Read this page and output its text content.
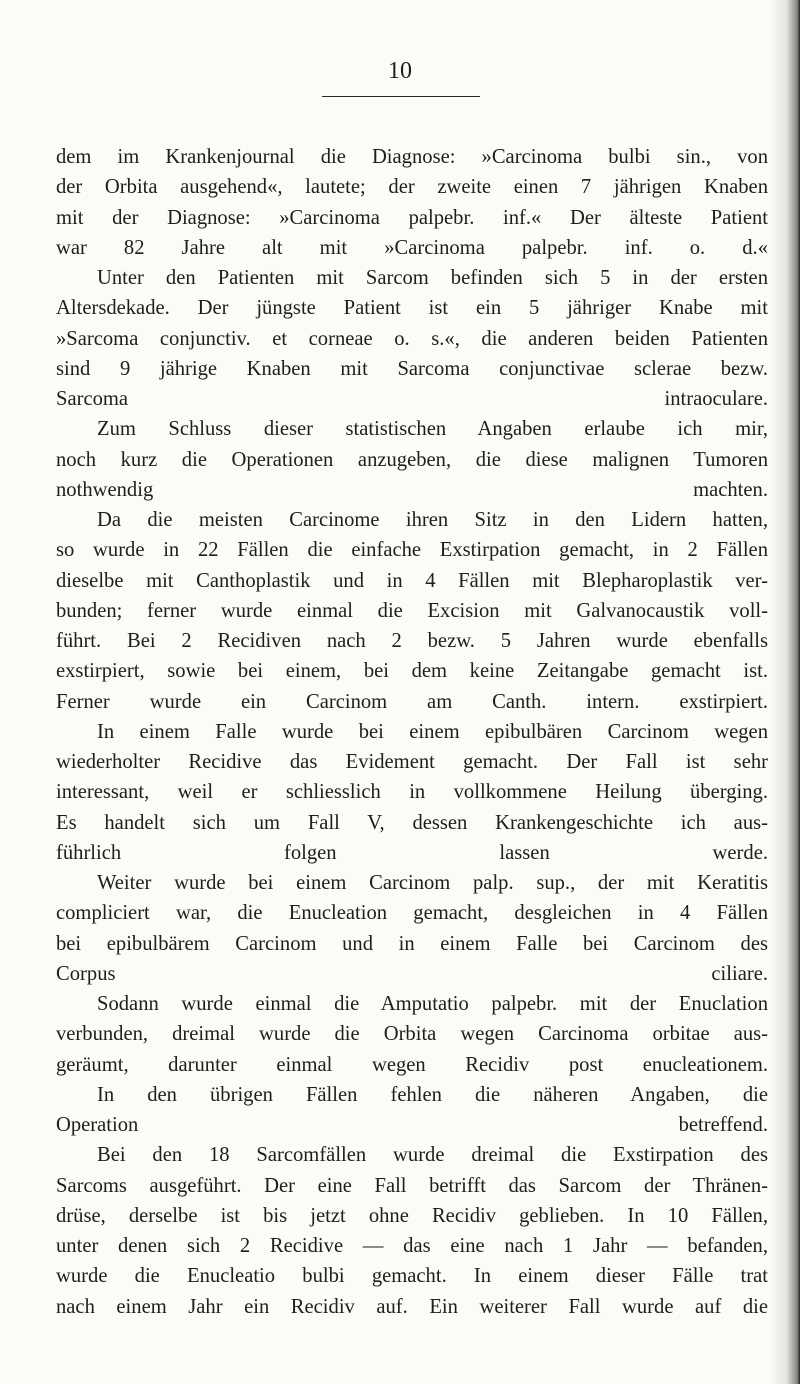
10
dem im Krankenjournal die Diagnose: »Carcinoma bulbi sin., von
der Orbita ausgehend«, lautete; der zweite einen 7 jährigen Knaben
mit der Diagnose: »Carcinoma palpebr. inf.« Der älteste Patient
war 82 Jahre alt mit »Carcinoma palpebr. inf. o. d.«
Unter den Patienten mit Sarcom befinden sich 5 in der ersten
Altersdekade. Der jüngste Patient ist ein 5 jähriger Knabe mit
»Sarcoma conjunctiv. et corneae o. s.«, die anderen beiden Patienten
sind 9 jährige Knaben mit Sarcoma conjunctivae sclerae bezw.
Sarcoma intraoculare.
Zum Schluss dieser statistischen Angaben erlaube ich mir,
noch kurz die Operationen anzugeben, die diese malignen Tumoren
nothwendig machten.
Da die meisten Carcinome ihren Sitz in den Lidern hatten,
so wurde in 22 Fällen die einfache Exstirpation gemacht, in 2 Fällen
dieselbe mit Canthoplastik und in 4 Fällen mit Blepharoplastik ver-
bunden; ferner wurde einmal die Excision mit Galvanocaustik voll-
führt. Bei 2 Recidiven nach 2 bezw. 5 Jahren wurde ebenfalls
exstirpiert, sowie bei einem, bei dem keine Zeitangabe gemacht ist.
Ferner wurde ein Carcinom am Canth. intern. exstirpiert.
In einem Falle wurde bei einem epibulbären Carcinom wegen
wiederholter Recidive das Evidement gemacht. Der Fall ist sehr
interessant, weil er schliesslich in vollkommene Heilung überging.
Es handelt sich um Fall V, dessen Krankengeschichte ich aus-
führlich folgen lassen werde.
Weiter wurde bei einem Carcinom palp. sup., der mit Keratitis
compliciert war, die Enucleation gemacht, desgleichen in 4 Fällen
bei epibulbärem Carcinom und in einem Falle bei Carcinom des
Corpus ciliare.
Sodann wurde einmal die Amputatio palpebr. mit der Enuclation
verbunden, dreimal wurde die Orbita wegen Carcinoma orbitae aus-
geräumt, darunter einmal wegen Recidiv post enucleationem.
In den übrigen Fällen fehlen die näheren Angaben, die
Operation betreffend.
Bei den 18 Sarcomfällen wurde dreimal die Exstirpation des
Sarcoms ausgeführt. Der eine Fall betrifft das Sarcom der Thränen-
drüse, derselbe ist bis jetzt ohne Recidiv geblieben. In 10 Fällen,
unter denen sich 2 Recidive — das eine nach 1 Jahr — befanden,
wurde die Enucleatio bulbi gemacht. In einem dieser Fälle trat
nach einem Jahr ein Recidiv auf. Ein weiterer Fall wurde auf die
